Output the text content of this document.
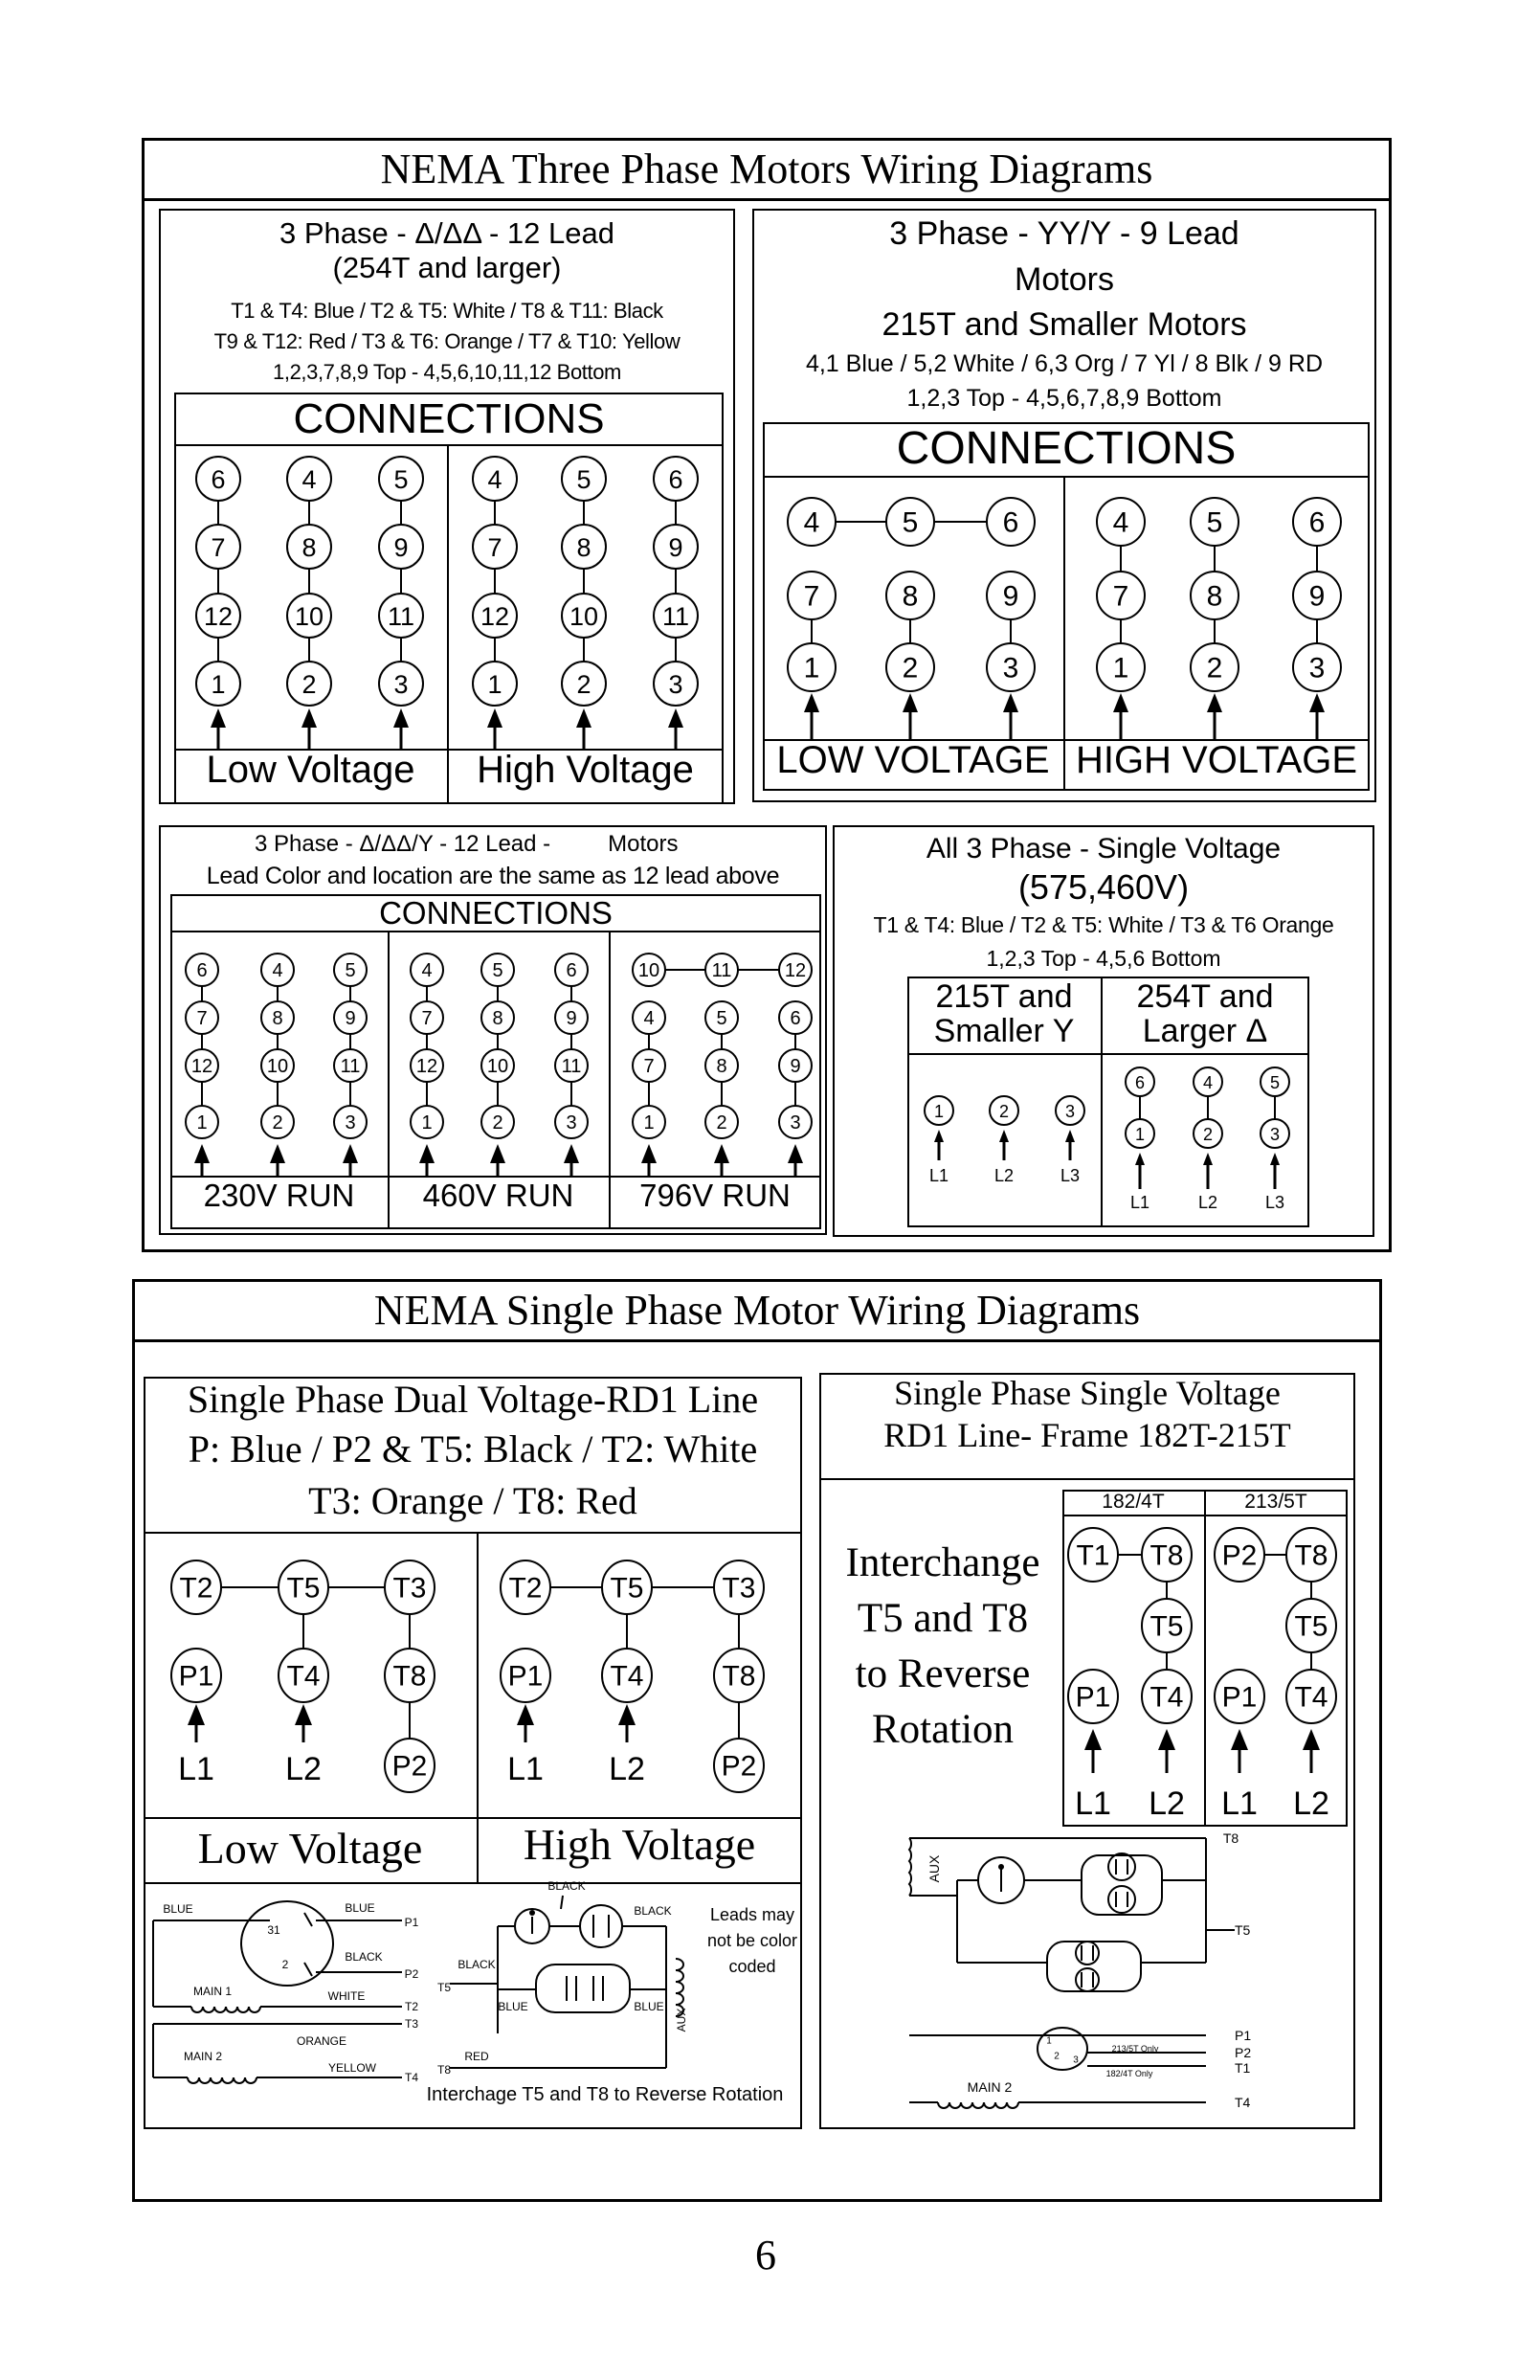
NEMA Three Phase Motors Wiring Diagrams
3 Phase - Δ/ΔΔ - 12 Lead
(254T and larger)
T1 & T4: Blue / T2 & T5: White / T8 & T11: Black
T9 & T12: Red / T3 & T6: Orange / T7 & T10: Yellow
1,2,3,7,8,9 Top - 4,5,6,10,11,12 Bottom
CONNECTIONS
Low Voltage	High Voltage
3 Phase - YY/Y - 9 Lead
Motors
215T and Smaller Motors
4,1 Blue / 5,2 White / 6,3 Org / 7 Yl / 8 Blk / 9 RD
1,2,3 Top - 4,5,6,7,8,9 Bottom
CONNECTIONS
LOW VOLTAGE HIGH VOLTAGE
3 Phase - Δ/ΔΔ/Y - 12 Lead -         Motors
Lead Color and location are the same as 12 lead above
CONNECTIONS
230V RUN	460V RUN	796V RUN
All 3 Phase - Single Voltage
(575,460V)
T1 & T4: Blue / T2 & T5: White / T3 & T6 Orange
1,2,3 Top - 4,5,6 Bottom
215T and
Smaller Y
254T and
Larger Δ
NEMA Single Phase Motor Wiring Diagrams
Single Phase Dual Voltage-RD1 Line
P: Blue / P2 & T5: Black / T2: White
T3: Orange / T8: Red
Low Voltage	High Voltage
Single Phase Single Voltage
RD1 Line- Frame 182T-215T
Interchange
T5 and T8
to Reverse
Rotation
182/4T	213/5T
6
6
7
12
1
4
8
10
2
5
9
11
3
4
7
12
1
5
8
10
2
6
9
11
3
7
1
8
2
9
3
4	5	6	4
7
1
5
8
2
6
9
3
6
7
12
1
4
8
10
2
5
9
11
3
4
7
12
1
5
8
10
2
6
9
11
3
4
7
1
5
8
2
6
9
3
10	11	12
1
L1
2
L2
3
L3
6
1
L1
4
2
L2
5
3
L3
T2	T5	T3
P1	T4	T8
L1 L2 P2
T2 T5	T3
P1 T4	T8
L1 L2	P2
T1 T8
T5
P1 T4
P2 T8
T5
P1 T4
L1 L2 L1 L2
BLUE
31
BLUE
P1
BLACK
P2
2
MAIN 1	WHITE
T2
T3
MAIN 2
ORANGE
YELLOW
T4
BLACK
BLACK
T5
BLACK
BLUE	BLUE
AUX
RED
T8
Leads may
not be color
coded
Interchage T5 and T8 to Reverse Rotation
AUX
T8
T5
P1
1
2 3	P2
T1
213/5T Only
182/4T Only
MAIN 2
T4
